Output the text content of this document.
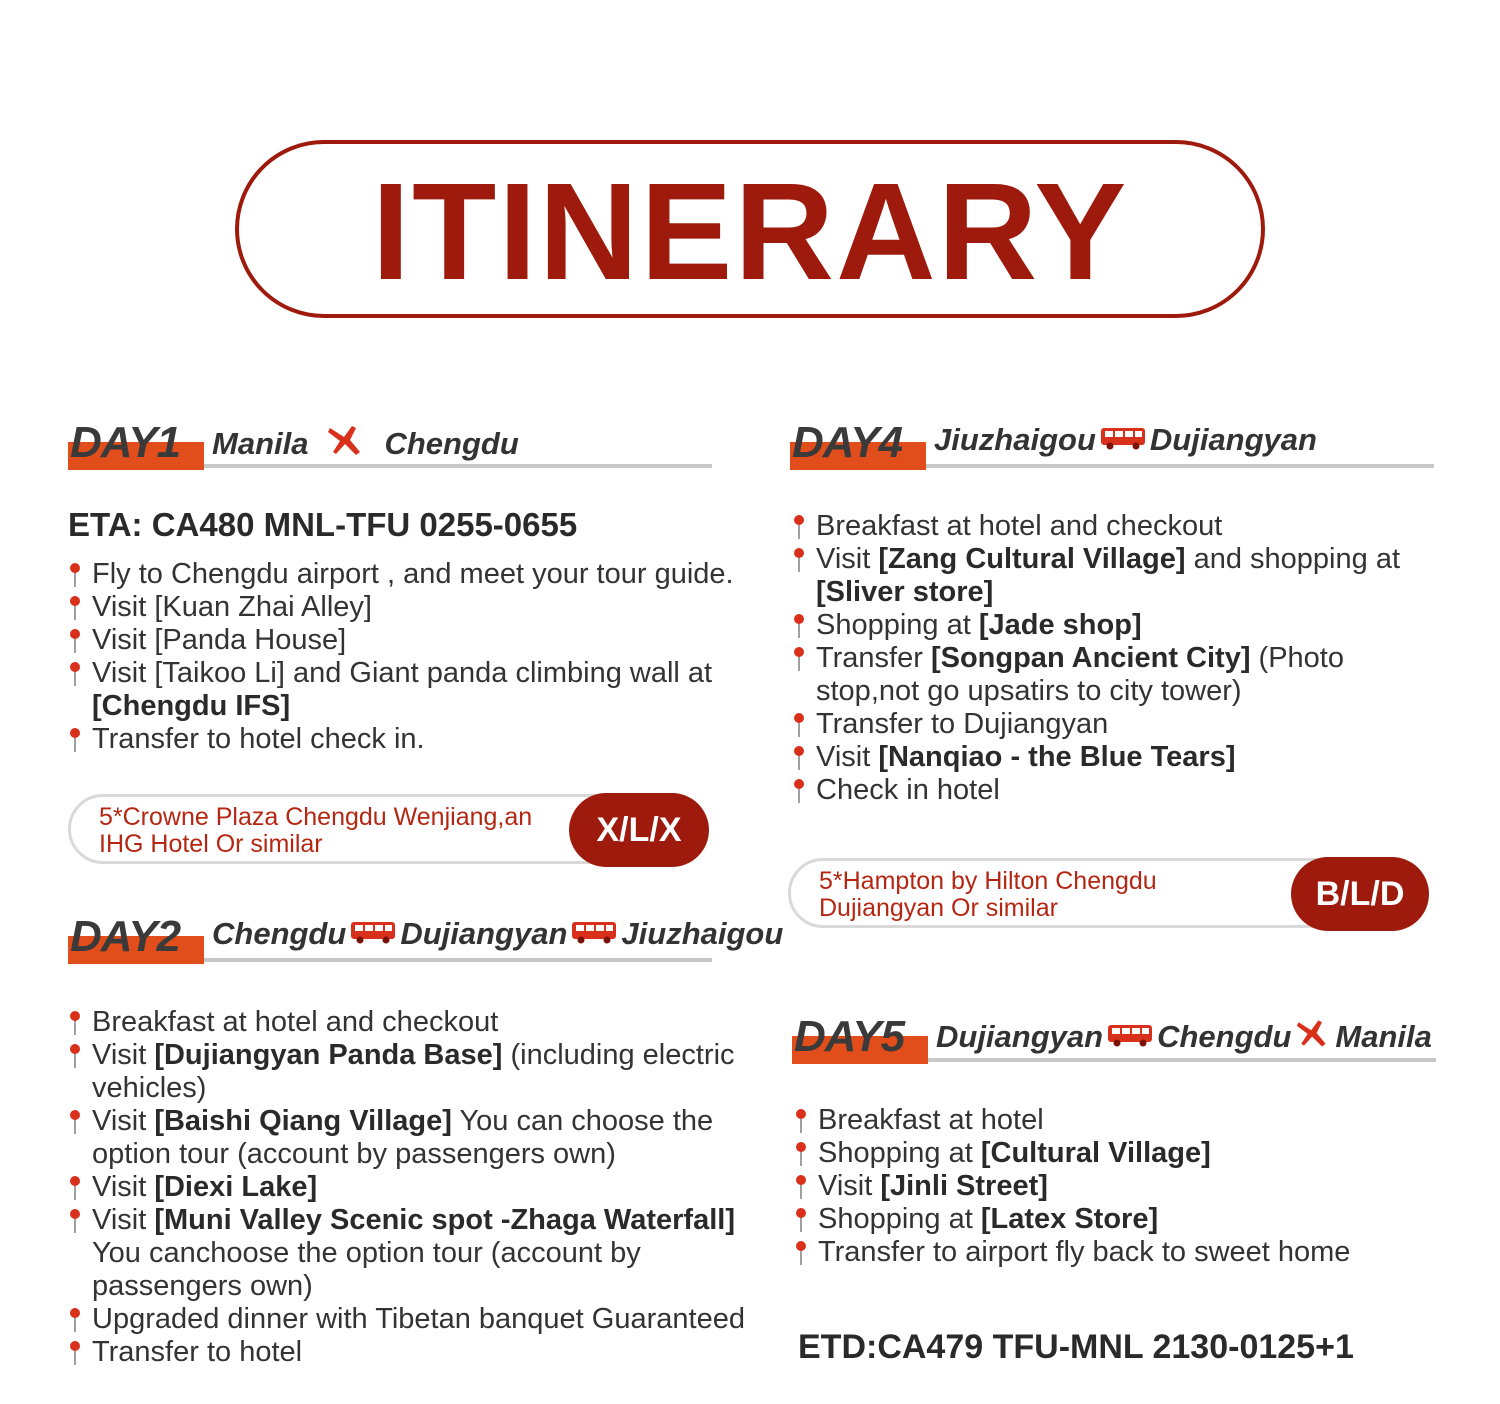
ITINERARY
DAY1 Manila Chengdu
ETA: CA480 MNL-TFU 0255-0655
Fly to Chengdu airport , and meet your tour guide.
Visit [Kuan Zhai Alley]
Visit [Panda House]
Visit [Taikoo Li] and Giant panda climbing wall at [Chengdu IFS]
Transfer to hotel check in.
5*Crowne Plaza Chengdu Wenjiang,an IHG Hotel Or similar	X/L/X
DAY2 Chengdu Dujiangyan Jiuzhaigou
Breakfast at hotel and checkout
Visit [Dujiangyan Panda Base] (including electric vehicles)
Visit [Baishi Qiang Village] You can choose the option tour (account by passengers own)
Visit [Diexi Lake]
Visit [Muni Valley Scenic spot -Zhaga Waterfall] You canchoose the option tour (account by passengers own)
Upgraded dinner with Tibetan banquet Guaranteed
Transfer to hotel
DAY4 Jiuzhaigou Dujiangyan
Breakfast at hotel and checkout
Visit [Zang Cultural Village] and shopping at [Sliver store]
Shopping at [Jade shop]
Transfer [Songpan Ancient City] (Photo stop,not go upsatirs to city tower)
Transfer to Dujiangyan
Visit [Nanqiao - the Blue Tears]
Check in hotel
5*Hampton by Hilton Chengdu Dujiangyan Or similar	B/L/D
DAY5 Dujiangyan Chengdu Manila
Breakfast at hotel
Shopping at [Cultural Village]
Visit [Jinli Street]
Shopping at [Latex Store]
Transfer to airport fly back to sweet home
ETD:CA479 TFU-MNL 2130-0125+1
